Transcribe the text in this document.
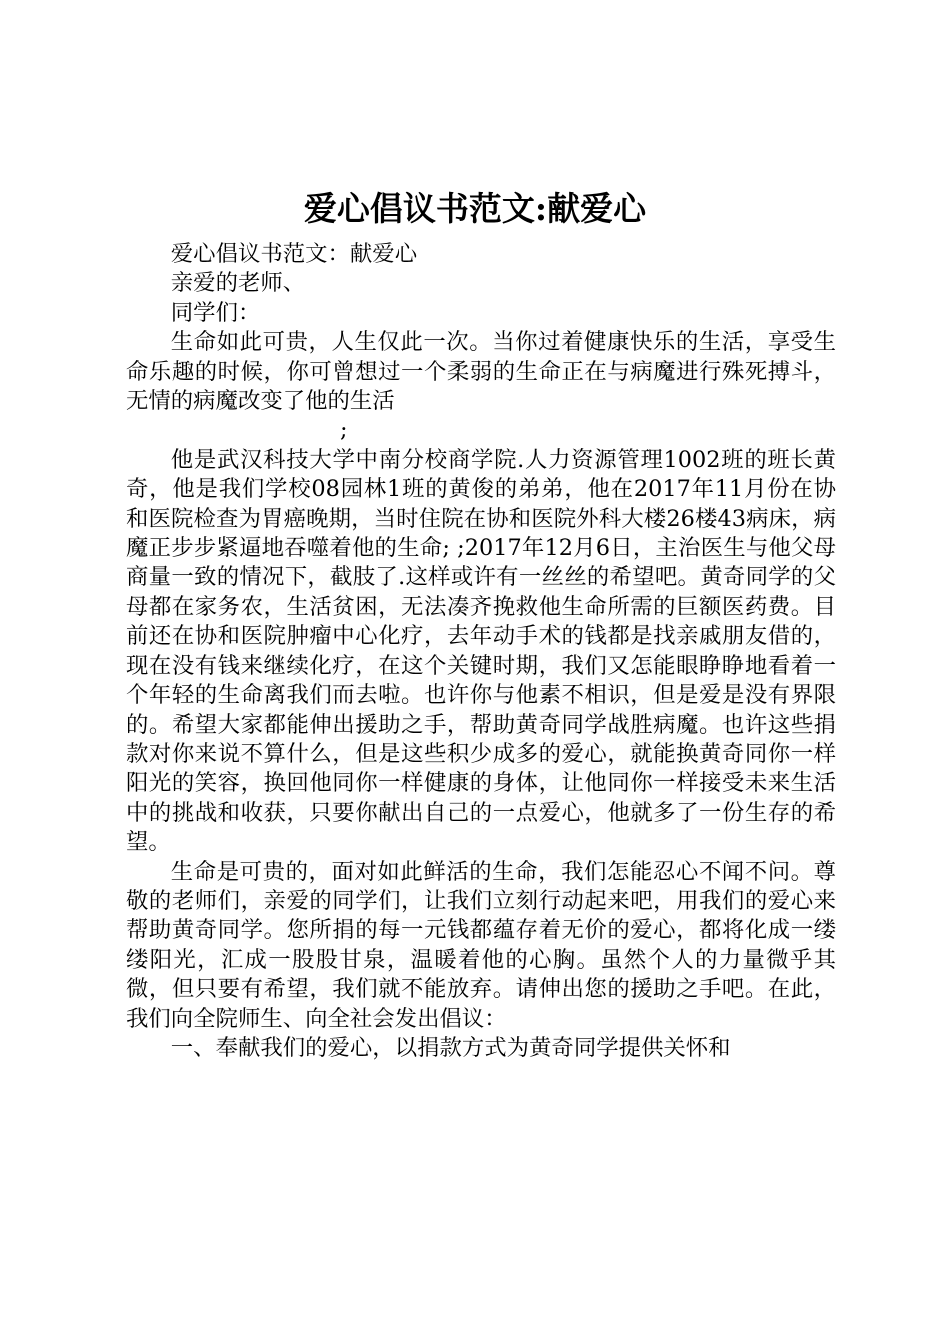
爱心倡议书范文:献爱心

爱心倡议书范文：献爱心

亲爱的老师、

同学们：

生命如此可贵，人生仅此一次。当你过着健康快乐的生活，享受生命乐趣的时候，你可曾想过一个柔弱的生命正在与病魔进行殊死搏斗，无情的病魔改变了他的生活

;

他是武汉科技大学中南分校商学院.人力资源管理1002班的班长黄奇，他是我们学校08园林1班的黄俊的弟弟，他在2017年11月份在协和医院检查为胃癌晚期，当时住院在协和医院外科大楼26楼43病床，病魔正步步紧逼地吞噬着他的生命; ;2017年12月6日，主治医生与他父母商量一致的情况下，截肢了.这样或许有一丝丝的希望吧。黄奇同学的父母都在家务农，生活贫困，无法凑齐挽救他生命所需的巨额医药费。目前还在协和医院肿瘤中心化疗，去年动手术的钱都是找亲戚朋友借的，现在没有钱来继续化疗，在这个关键时期，我们又怎能眼睁睁地看着一个年轻的生命离我们而去啦。也许你与他素不相识，但是爱是没有界限的。希望大家都能伸出援助之手，帮助黄奇同学战胜病魔。也许这些捐款对你来说不算什么，但是这些积少成多的爱心，就能换黄奇同你一样阳光的笑容，换回他同你一样健康的身体，让他同你一样接受未来生活中的挑战和收获，只要你献出自己的一点爱心，他就多了一份生存的希望。

生命是可贵的，面对如此鲜活的生命，我们怎能忍心不闻不问。尊敬的老师们，亲爱的同学们，让我们立刻行动起来吧，用我们的爱心来帮助黄奇同学。您所捐的每一元钱都蕴存着无价的爱心，都将化成一缕缕阳光，汇成一股股甘泉，温暖着他的心胸。虽然个人的力量微乎其微，但只要有希望，我们就不能放弃。请伸出您的援助之手吧。在此，我们向全院师生、向全社会发出倡议：

一、奉献我们的爱心，以捐款方式为黄奇同学提供关怀和
